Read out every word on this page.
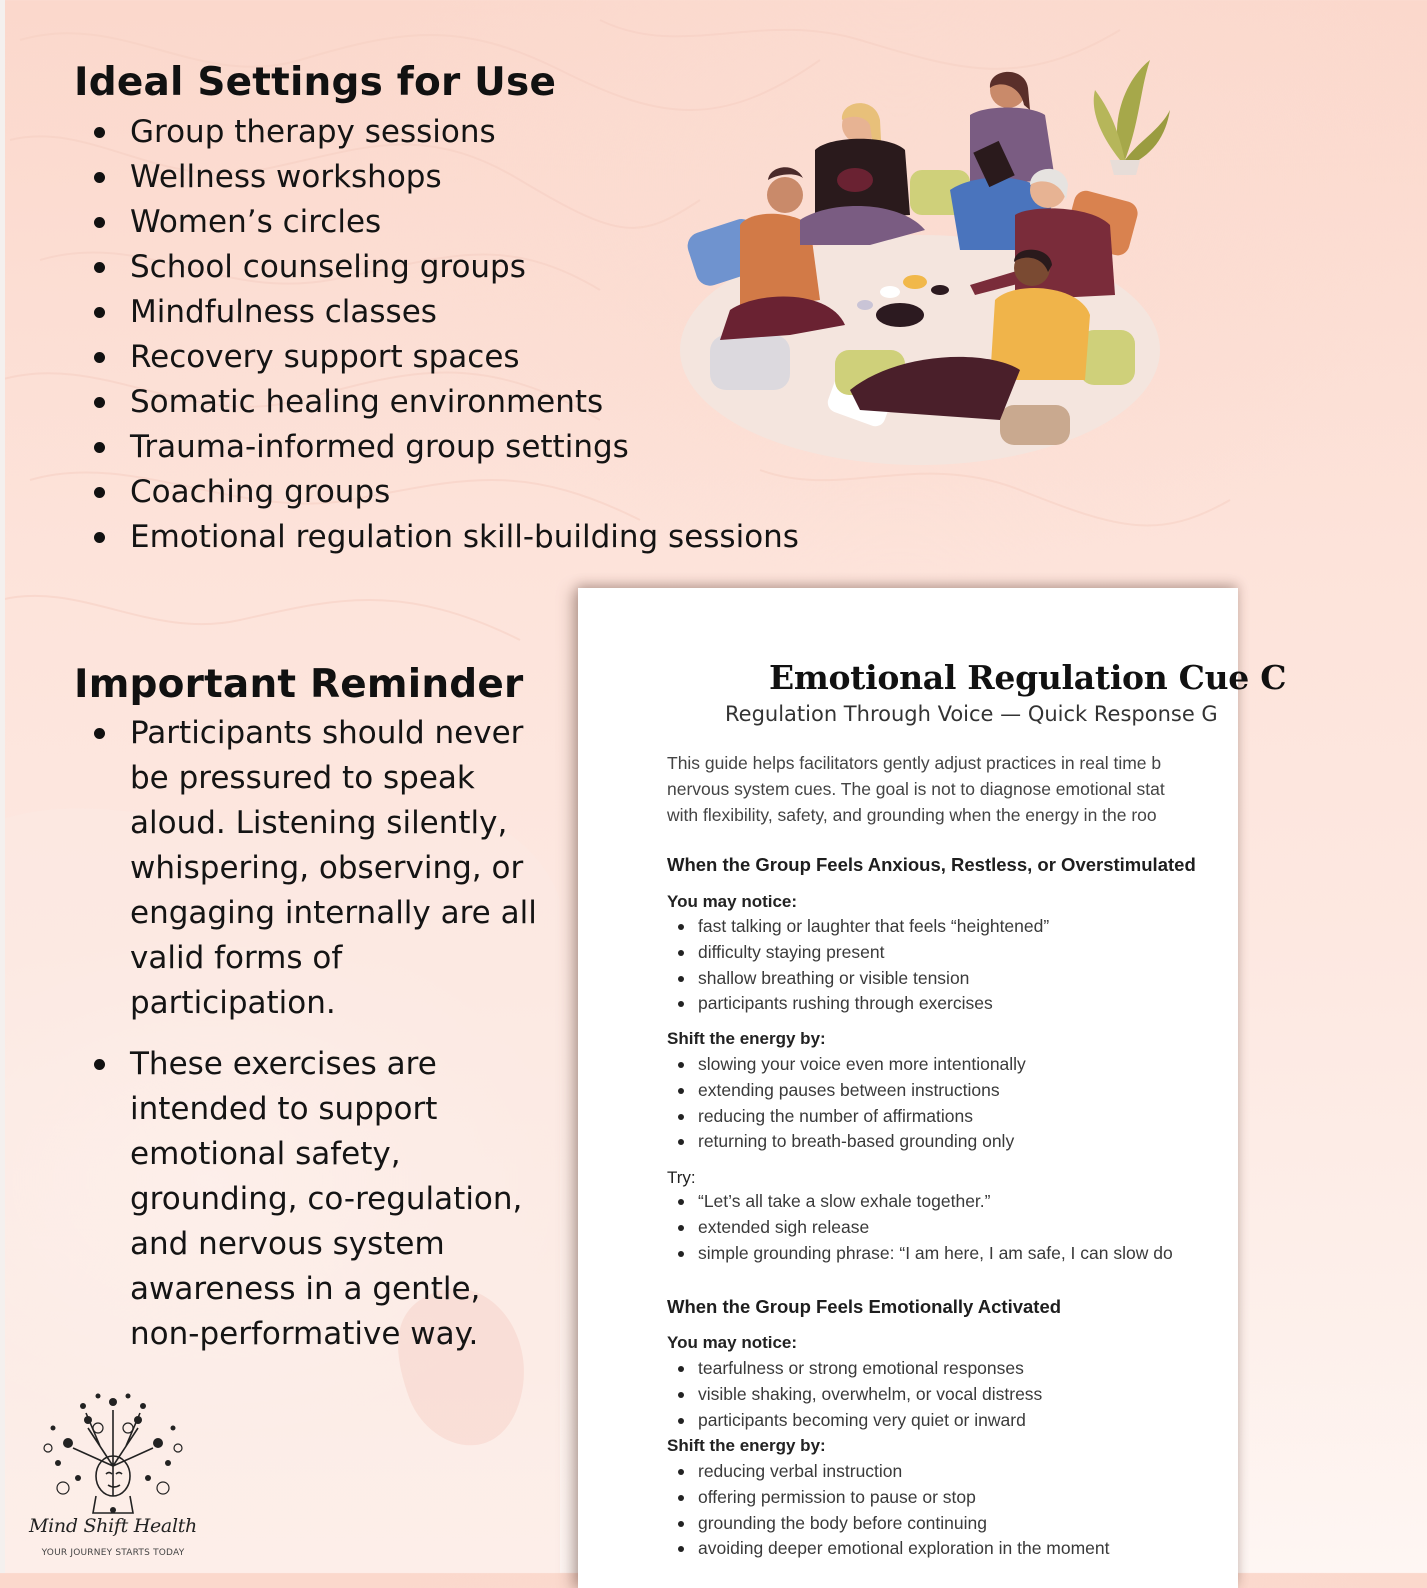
Ideal Settings for Use
Group therapy sessions
Wellness workshops
Women’s circles
School counseling groups
Mindfulness classes
Recovery support spaces
Somatic healing environments
Trauma-informed group settings
Coaching groups
Emotional regulation skill-building sessions
Important Reminder
Participants should never be pressured to speak aloud. Listening silently, whispering, observing, or engaging internally are all valid forms of participation.
These exercises are intended to support emotional safety, grounding, co-regulation, and nervous system awareness in a gentle, non-performative way.
Emotional Regulation Cue C
Regulation Through Voice — Quick Response G

This guide helps facilitators gently adjust practices in real time b

nervous system cues. The goal is not to diagnose emotional stat

with flexibility, safety, and grounding when the energy in the roo

When the Group Feels Anxious, Restless, or Overstimulated
You may notice:
fast talking or laughter that feels “heightened”
difficulty staying present
shallow breathing or visible tension
participants rushing through exercises
Shift the energy by:
slowing your voice even more intentionally
extending pauses between instructions
reducing the number of affirmations
returning to breath-based grounding only
Try:
“Let’s all take a slow exhale together.”
extended sigh release
simple grounding phrase: “I am here, I am safe, I can slow do
When the Group Feels Emotionally Activated
You may notice:
tearfulness or strong emotional responses
visible shaking, overwhelm, or vocal distress
participants becoming very quiet or inward
Shift the energy by:
reducing verbal instruction
offering permission to pause or stop
grounding the body before continuing
avoiding deeper emotional exploration in the moment
Mind Shift Health
YOUR JOURNEY STARTS TODAY
